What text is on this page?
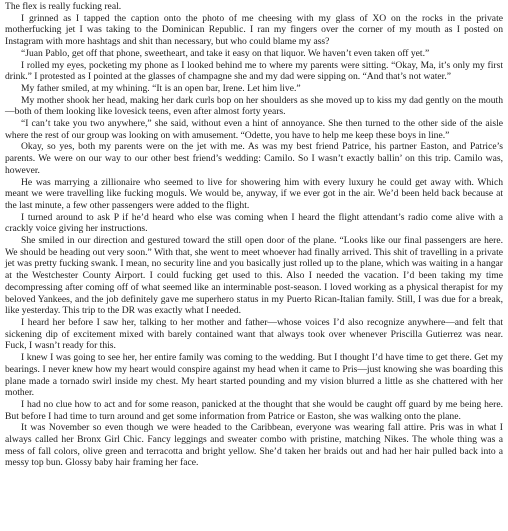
The flex is really fucking real.

I grinned as I tapped the caption onto the photo of me cheesing with my glass of XO on the rocks in the private motherfucking jet I was taking to the Dominican Republic. I ran my fingers over the corner of my mouth as I posted on Instagram with more hashtags and shit than necessary, but who could blame my ass?

“Juan Pablo, get off that phone, sweetheart, and take it easy on that liquor. We haven’t even taken off yet.”

I rolled my eyes, pocketing my phone as I looked behind me to where my parents were sitting. “Okay, Ma, it’s only my first drink.” I protested as I pointed at the glasses of champagne she and my dad were sipping on. “And that’s not water.”

My father smiled, at my whining. “It is an open bar, Irene. Let him live.”

My mother shook her head, making her dark curls bop on her shoulders as she moved up to kiss my dad gently on the mouth—both of them looking like lovesick teens, even after almost forty years.

“I can’t take you two anywhere,” she said, without even a hint of annoyance. She then turned to the other side of the aisle where the rest of our group was looking on with amusement. “Odette, you have to help me keep these boys in line.”

Okay, so yes, both my parents were on the jet with me. As was my best friend Patrice, his partner Easton, and Patrice’s parents. We were on our way to our other best friend’s wedding: Camilo. So I wasn’t exactly ballin’ on this trip. Camilo was, however.

He was marrying a zillionaire who seemed to live for showering him with every luxury he could get away with. Which meant we were travelling like fucking moguls. We would be, anyway, if we ever got in the air. We’d been held back because at the last minute, a few other passengers were added to the flight.

I turned around to ask P if he’d heard who else was coming when I heard the flight attendant’s radio come alive with a crackly voice giving her instructions.

She smiled in our direction and gestured toward the still open door of the plane. “Looks like our final passengers are here. We should be heading out very soon.” With that, she went to meet whoever had finally arrived. This shit of travelling in a private jet was pretty fucking swank. I mean, no security line and you basically just rolled up to the plane, which was waiting in a hangar at the Westchester County Airport. I could fucking get used to this. Also I needed the vacation. I’d been taking my time decompressing after coming off of what seemed like an interminable post-season. I loved working as a physical therapist for my beloved Yankees, and the job definitely gave me superhero status in my Puerto Rican-Italian family. Still, I was due for a break, like yesterday. This trip to the DR was exactly what I needed.

I heard her before I saw her, talking to her mother and father—whose voices I’d also recognize anywhere—and felt that sickening dip of excitement mixed with barely contained want that always took over whenever Priscilla Gutierrez was near. Fuck, I wasn’t ready for this.

I knew I was going to see her, her entire family was coming to the wedding. But I thought I’d have time to get there. Get my bearings. I never knew how my heart would conspire against my head when it came to Pris—just knowing she was boarding this plane made a tornado swirl inside my chest. My heart started pounding and my vision blurred a little as she chattered with her mother.

I had no clue how to act and for some reason, panicked at the thought that she would be caught off guard by me being here. But before I had time to turn around and get some information from Patrice or Easton, she was walking onto the plane.

It was November so even though we were headed to the Caribbean, everyone was wearing fall attire. Pris was in what I always called her Bronx Girl Chic. Fancy leggings and sweater combo with pristine, matching Nikes. The whole thing was a mess of fall colors, olive green and terracotta and bright yellow. She’d taken her braids out and had her hair pulled back into a messy top bun. Glossy baby hair framing her face.
